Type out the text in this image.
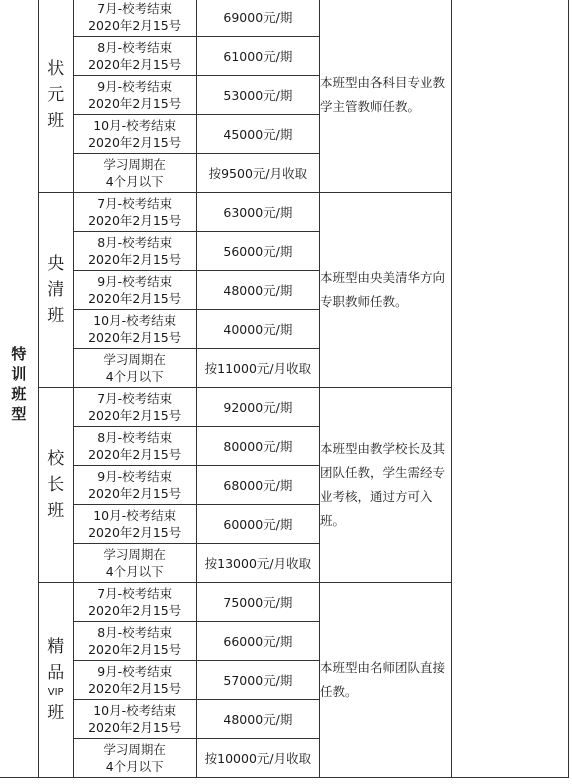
特训班型	状
元
班	7月-校考结束
2020年2月15号	69000元/期	本班型由各科目专业教学主管教师任教。	

		8月-校考结束
2020年2月15号	61000元/期		

		9月-校考结束
2020年2月15号	53000元/期		

		10月-校考结束
2020年2月15号	45000元/期		

		学习周期在
4个月以下	按9500元/月收取		

	央
清
班	7月-校考结束
2020年2月15号	63000元/期	本班型由央美清华方向专职教师任教。	

		8月-校考结束
2020年2月15号	56000元/期		

		9月-校考结束
2020年2月15号	48000元/期		

		10月-校考结束
2020年2月15号	40000元/期		

		学习周期在
4个月以下	按11000元/月收取		

	校
长
班	7月-校考结束
2020年2月15号	92000元/期	本班型由教学校长及其团队任教，学生需经专业考核，通过方可入班。	

		8月-校考结束
2020年2月15号	80000元/期		

		9月-校考结束
2020年2月15号	68000元/期		

		10月-校考结束
2020年2月15号	60000元/期		

		学习周期在
4个月以下	按13000元/月收取		

	精
品
VIP
班	7月-校考结束
2020年2月15号	75000元/期	本班型由名师团队直接任教。	

		8月-校考结束
2020年2月15号	66000元/期		

		9月-校考结束
2020年2月15号	57000元/期		

		10月-校考结束
2020年2月15号	48000元/期		

		学习周期在
4个月以下	按10000元/月收取		
